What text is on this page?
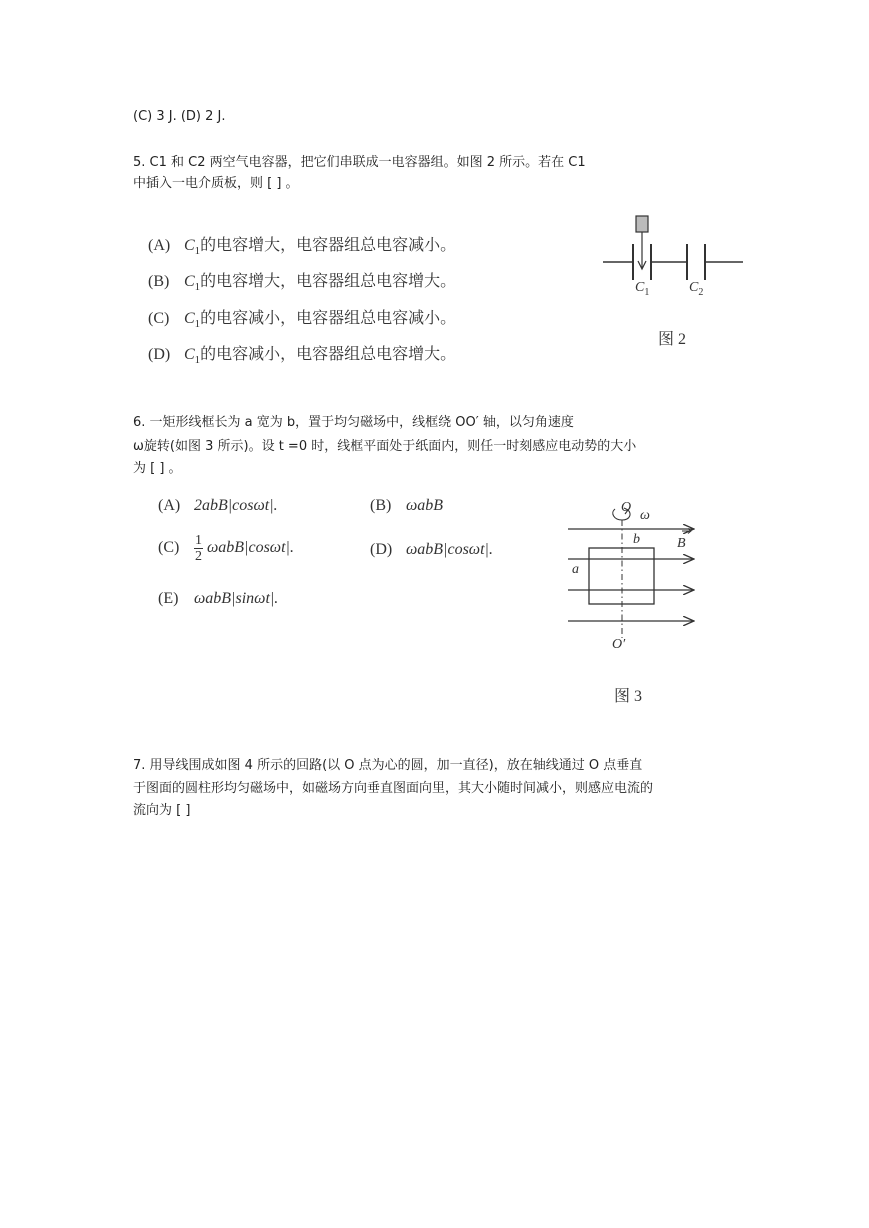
(C) 3 J. (D) 2 J.
5. C1 和 C2 两空气电容器，把它们串联成一电容器组。如图 2 所示。若在 C1
中插入一电介质板，则 [ ] 。
(A) $C_1$的电容增大，电容器组总电容减小。
(B) $C_1$的电容增大，电容器组总电容增大。
(C) $C_1$的电容减小，电容器组总电容减小。
(D) $C_1$的电容减小，电容器组总电容增大。
$C_1$	$C_2$
图 2
6. 一矩形线框长为 a 宽为 b，置于均匀磁场中，线框绕 OO′ 轴，以匀角速度
ω旋转(如图 3 所示)。设 t =0 时，线框平面处于纸面内，则任一时刻感应电动势的大小
为 [ ] 。
(A) 2abB|cosωt|.	(B) ωabB
$(C) \frac{1}{2} \omega abB|\cos\omega t|$.	(D) ωabB|cosωt|.
(E) ωabB|sinωt|.
O
ω
b	B
a
O′
图 3
7. 用导线围成如图 4 所示的回路(以 O 点为心的圆，加一直径)，放在轴线通过 O 点垂直
于图面的圆柱形均匀磁场中，如磁场方向垂直图面向里，其大小随时间减小，则感应电流的
流向为 [ ]
